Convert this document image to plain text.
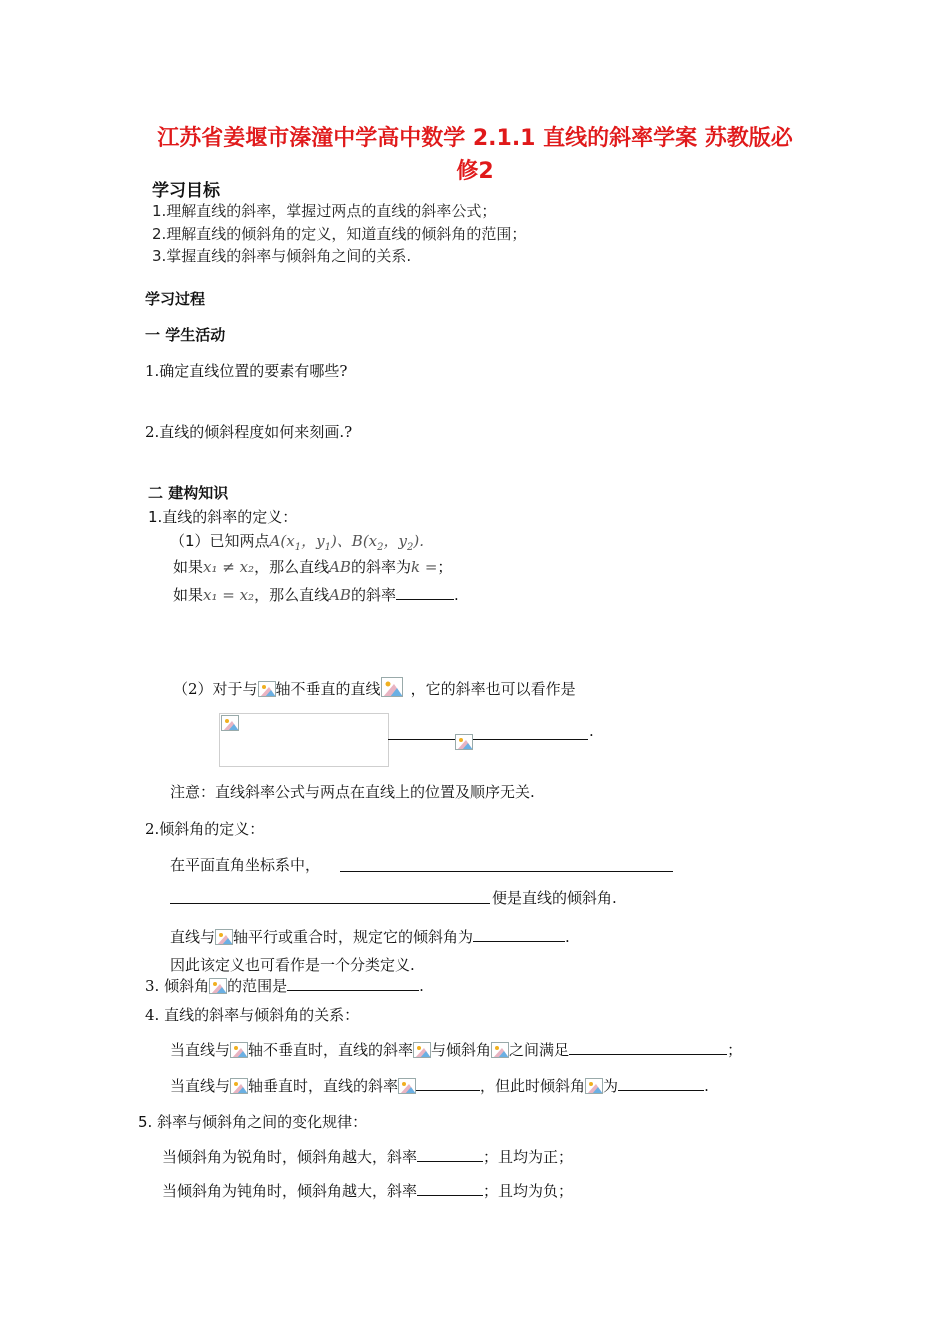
江苏省姜堰市溱潼中学高中数学 2.1.1 直线的斜率学案 苏教版必
修2
学习目标
1.理解直线的斜率，掌握过两点的直线的斜率公式；
2.理解直线的倾斜角的定义，知道直线的倾斜角的范围；
3.掌握直线的斜率与倾斜角之间的关系.
学习过程
一 学生活动
1.确定直线位置的要素有哪些?
2.直线的倾斜程度如何来刻画.?
二 建构知识
1.直线的斜率的定义：
（1）已知两点$A(x_1$，$y_1$)、$B(x_2$，$y_2$).
如果x₁ ≠ x₂，那么直线AB的斜率为k =；
如果x₁ = x₂，那么直线AB的斜率	.
（2）对于与 轴不垂直的直线 ，它的斜率也可以看作是
.
注意：直线斜率公式与两点在直线上的位置及顺序无关.
2.倾斜角的定义：
在平面直角坐标系中，
便是直线的倾斜角.
直线与 轴平行或重合时，规定它的倾斜角为	.
因此该定义也可看作是一个分类定义.
3. 倾斜角 的范围是	.
4. 直线的斜率与倾斜角的关系：
当直线与 轴不垂直时，直线的斜率 与倾斜角 之间满足	；
当直线与 轴垂直时，直线的斜率	，但此时倾斜角 为	.
5. 斜率与倾斜角之间的变化规律：
当倾斜角为锐角时，倾斜角越大，斜率	；且均为正；
当倾斜角为钝角时，倾斜角越大，斜率	；且均为负；
